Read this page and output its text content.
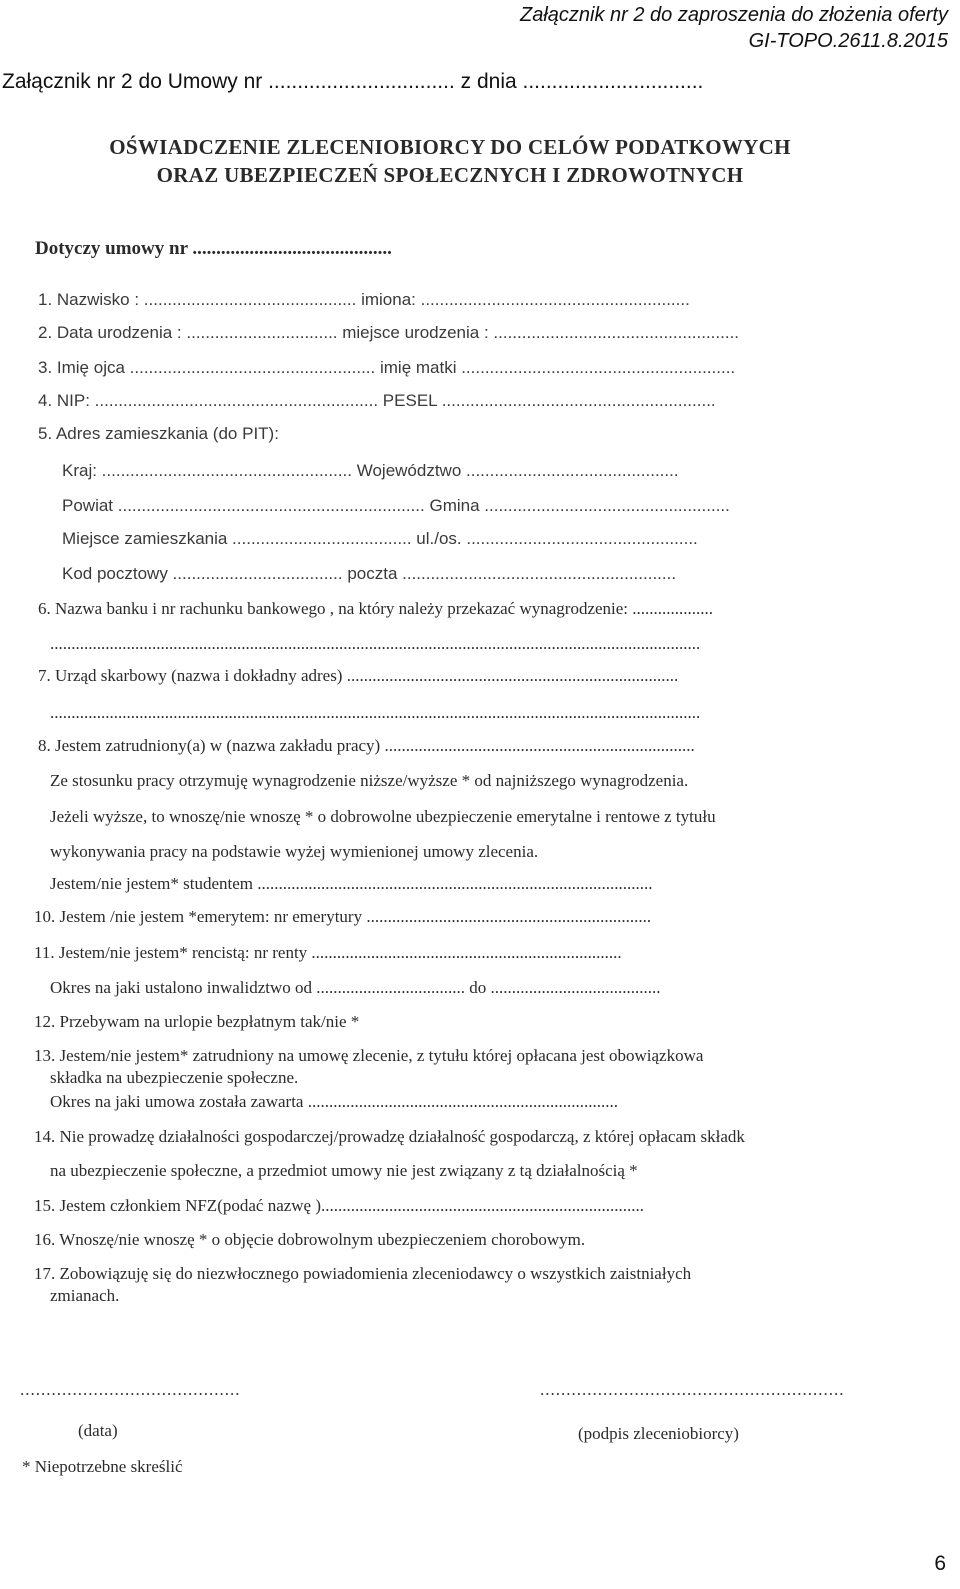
Załącznik nr 2 do zaproszenia do złożenia oferty
GI-TOPO.2611.8.2015
Załącznik nr 2 do Umowy nr ................................ z dnia ...............................
OŚWIADCZENIE ZLECENIOBIORCY DO CELÓW PODATKOWYCH
ORAZ UBEZPIECZEŃ SPOŁECZNYCH I ZDROWOTNYCH
Dotyczy umowy nr ..........................................
1. Nazwisko : ............................................. imiona: .........................................................
2. Data urodzenia : ................................ miejsce urodzenia : ....................................................
3. Imię ojca .................................................... imię matki ..........................................................
4. NIP: ............................................................ PESEL ..........................................................
5. Adres zamieszkania (do PIT):
Kraj: ..................................................... Województwo .............................................
Powiat ................................................................. Gmina ....................................................
Miejsce zamieszkania ...................................... ul./os. .................................................
Kod pocztowy .................................... poczta ..........................................................
6. Nazwa banku i nr rachunku bankowego , na który należy przekazać wynagrodzenie: ...................
.........................................................................................................................................................
7. Urząd skarbowy (nazwa i dokładny adres) ..............................................................................
.........................................................................................................................................................
8. Jestem zatrudniony(a) w (nazwa zakładu pracy) .........................................................................
Ze stosunku pracy otrzymuję wynagrodzenie niższe/wyższe * od najniższego wynagrodzenia.
Jeżeli wyższe, to wnoszę/nie wnoszę * o dobrowolne ubezpieczenie emerytalne i rentowe z tytułu
wykonywania pracy na podstawie wyżej wymienionej umowy zlecenia.
Jestem/nie jestem* studentem .............................................................................................
10. Jestem /nie jestem *emerytem: nr emerytury ...................................................................
11. Jestem/nie jestem* rencistą: nr renty .........................................................................
Okres na jaki ustalono inwalidztwo od ................................... do ........................................
12. Przebywam na urlopie bezpłatnym tak/nie *
13. Jestem/nie jestem* zatrudniony na umowę zlecenie, z tytułu której opłacana jest obowiązkowa
składka na ubezpieczenie społeczne.
Okres na jaki umowa została zawarta .........................................................................
14. Nie prowadzę działalności gospodarczej/prowadzę działalność gospodarczą, z której opłacam składk
na ubezpieczenie społeczne, a przedmiot umowy nie jest związany z tą działalnością *
15. Jestem członkiem NFZ(podać nazwę )............................................................................
16. Wnoszę/nie wnoszę * o objęcie dobrowolnym ubezpieczeniem chorobowym.
17. Zobowiązuję się do niezwłocznego powiadomienia zleceniodawcy o wszystkich zaistniałych
zmianach.
..........................................	..........................................................
(data)	(podpis zleceniobiorcy)
* Niepotrzebne skreślić
6
